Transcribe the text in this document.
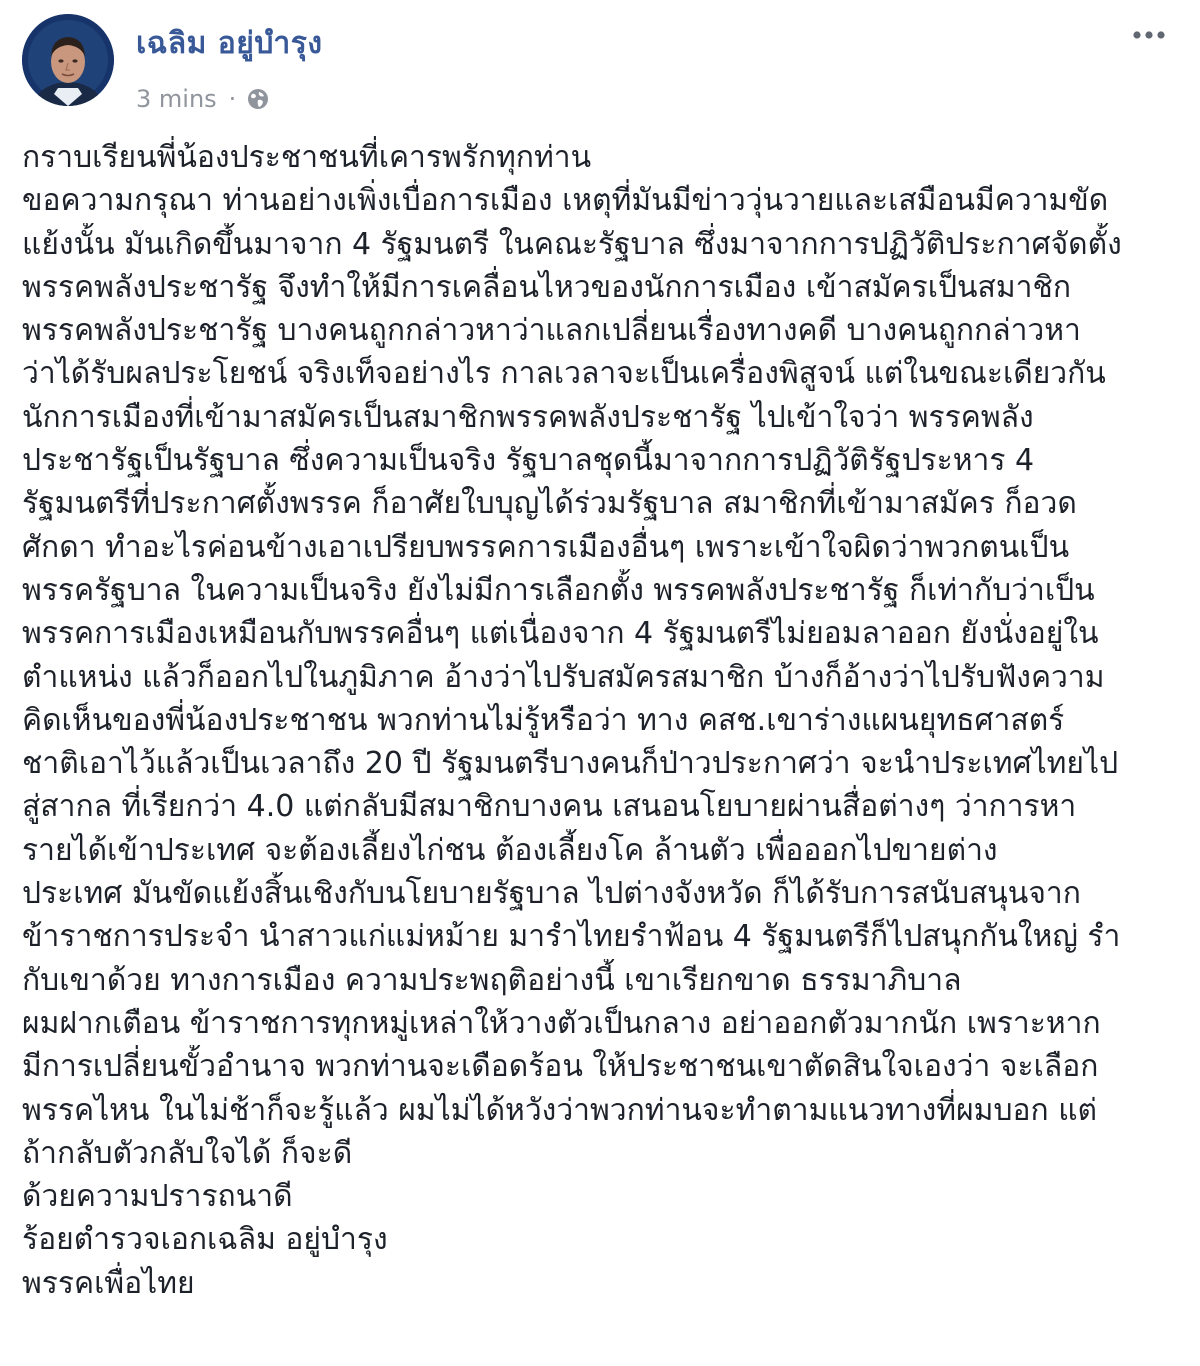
เฉลิม อยู่บำรุง
3 mins ·
กราบเรียนพี่น้องประชาชนที่เคารพรักทุกท่าน
ขอความกรุณา ท่านอย่างเพิ่งเบื่อการเมือง เหตุที่มันมีข่าววุ่นวายและเสมือนมีความขัด
แย้งนั้น มันเกิดขึ้นมาจาก 4 รัฐมนตรี ในคณะรัฐบาล ซึ่งมาจากการปฏิวัติประกาศจัดตั้ง
พรรคพลังประชารัฐ จึงทำให้มีการเคลื่อนไหวของนักการเมือง เข้าสมัครเป็นสมาชิก
พรรคพลังประชารัฐ บางคนถูกกล่าวหาว่าแลกเปลี่ยนเรื่องทางคดี บางคนถูกกล่าวหา
ว่าได้รับผลประโยชน์ จริงเท็จอย่างไร กาลเวลาจะเป็นเครื่องพิสูจน์ แต่ในขณะเดียวกัน
นักการเมืองที่เข้ามาสมัครเป็นสมาชิกพรรคพลังประชารัฐ ไปเข้าใจว่า พรรคพลัง
ประชารัฐเป็นรัฐบาล ซึ่งความเป็นจริง รัฐบาลชุดนี้มาจากการปฏิวัติรัฐประหาร 4
รัฐมนตรีที่ประกาศตั้งพรรค ก็อาศัยใบบุญได้ร่วมรัฐบาล สมาชิกที่เข้ามาสมัคร ก็อวด
ศักดา ทำอะไรค่อนข้างเอาเปรียบพรรคการเมืองอื่นๆ เพราะเข้าใจผิดว่าพวกตนเป็น
พรรครัฐบาล ในความเป็นจริง ยังไม่มีการเลือกตั้ง พรรคพลังประชารัฐ ก็เท่ากับว่าเป็น
พรรคการเมืองเหมือนกับพรรคอื่นๆ แต่เนื่องจาก 4 รัฐมนตรีไม่ยอมลาออก ยังนั่งอยู่ใน
ตำแหน่ง แล้วก็ออกไปในภูมิภาค อ้างว่าไปรับสมัครสมาชิก บ้างก็อ้างว่าไปรับฟังความ
คิดเห็นของพี่น้องประชาชน พวกท่านไม่รู้หรือว่า ทาง คสช.เขาร่างแผนยุทธศาสตร์
ชาติเอาไว้แล้วเป็นเวลาถึง 20 ปี รัฐมนตรีบางคนก็ป่าวประกาศว่า จะนำประเทศไทยไป
สู่สากล ที่เรียกว่า 4.0 แต่กลับมีสมาชิกบางคน เสนอนโยบายผ่านสื่อต่างๆ ว่าการหา
รายได้เข้าประเทศ จะต้องเลี้ยงไก่ชน ต้องเลี้ยงโค ล้านตัว เพื่อออกไปขายต่าง
ประเทศ มันขัดแย้งสิ้นเชิงกับนโยบายรัฐบาล ไปต่างจังหวัด ก็ได้รับการสนับสนุนจาก
ข้าราชการประจำ นำสาวแก่แม่หม้าย มารำไทยรำฟ้อน 4 รัฐมนตรีก็ไปสนุกกันใหญ่ รำ
กับเขาด้วย ทางการเมือง ความประพฤติอย่างนี้ เขาเรียกขาด ธรรมาภิบาล
ผมฝากเตือน ข้าราชการทุกหมู่เหล่าให้วางตัวเป็นกลาง อย่าออกตัวมากนัก เพราะหาก
มีการเปลี่ยนขั้วอำนาจ พวกท่านจะเดือดร้อน ให้ประชาชนเขาตัดสินใจเองว่า จะเลือก
พรรคไหน ในไม่ช้าก็จะรู้แล้ว ผมไม่ได้หวังว่าพวกท่านจะทำตามแนวทางที่ผมบอก แต่
ถ้ากลับตัวกลับใจได้ ก็จะดี
ด้วยความปรารถนาดี
ร้อยตำรวจเอกเฉลิม อยู่บำรุง
พรรคเพื่อไทย
